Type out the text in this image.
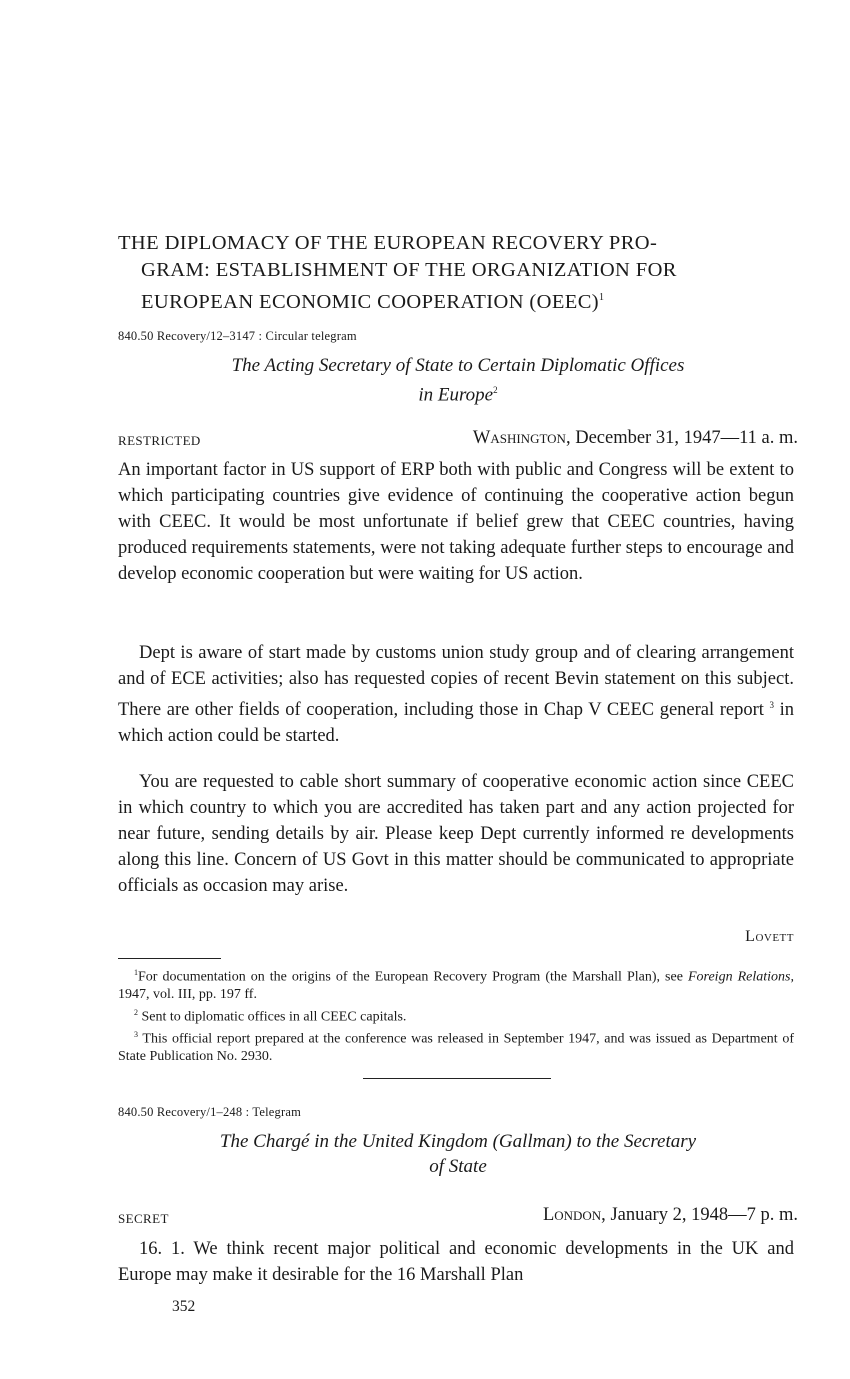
THE DIPLOMACY OF THE EUROPEAN RECOVERY PRO-
GRAM: ESTABLISHMENT OF THE ORGANIZATION FOR
EUROPEAN ECONOMIC COOPERATION (OEEC)$^1$
840.50 Recovery/12–3147 : Circular telegram
The Acting Secretary of State to Certain Diplomatic Offices
in Europe$^2$
RESTRICTED	Washington, December 31, 1947—11 a. m.

An important factor in US support of ERP both with public and Congress will be extent to which participating countries give evidence of continuing the cooperative action begun with CEEC. It would be most unfortunate if belief grew that CEEC countries, having produced requirements statements, were not taking adequate further steps to encourage and develop economic cooperation but were waiting for US action.

Dept is aware of start made by customs union study group and of clearing arrangement and of ECE activities; also has requested copies of recent Bevin statement on this subject. There are other fields of cooperation, including those in Chap V CEEC general report $^3$ in which action could be started.

You are requested to cable short summary of cooperative economic action since CEEC in which country to which you are accredited has taken part and any action projected for near future, sending details by air. Please keep Dept currently informed re developments along this line. Concern of US Govt in this matter should be communicated to appropriate officials as occasion may arise.

Lovett
$^1$For documentation on the origins of the European Recovery Program (the Marshall Plan), see Foreign Relations, 1947, vol. III, pp. 197 ff.
$^2$ Sent to diplomatic offices in all CEEC capitals.
$^3$ This official report prepared at the conference was released in September 1947, and was issued as Department of State Publication No. 2930.
840.50 Recovery/1–248 : Telegram
The Chargé in the United Kingdom (Gallman) to the Secretary
of State
SECRET	London, January 2, 1948—7 p. m.

16. 1. We think recent major political and economic developments in the UK and Europe may make it desirable for the 16 Marshall Plan

352
